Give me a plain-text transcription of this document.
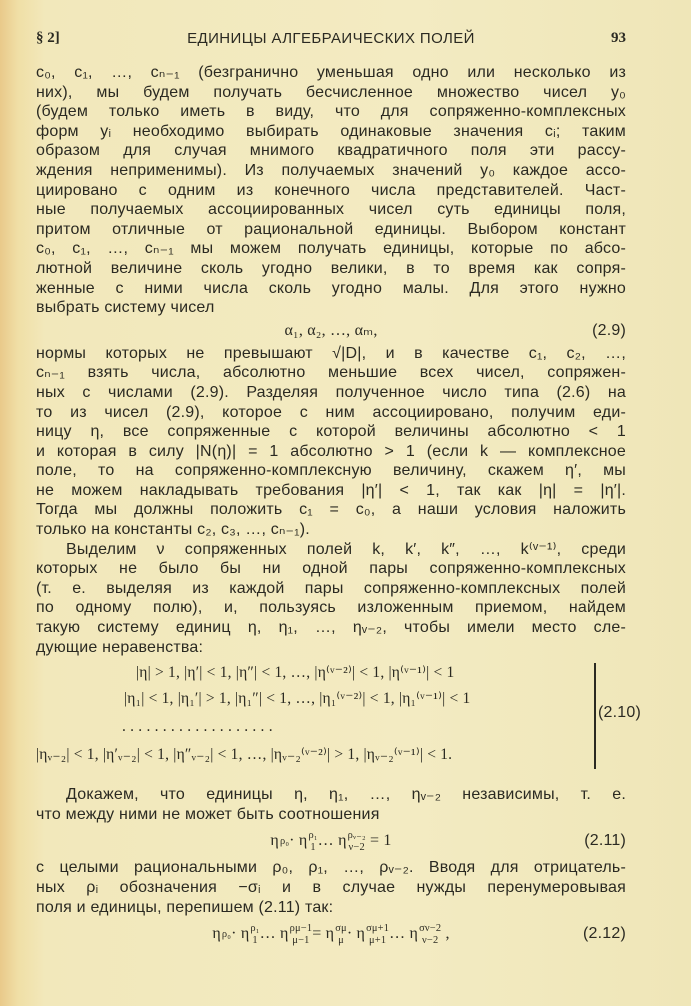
§ 2]	ЕДИНИЦЫ АЛГЕБРАИЧЕСКИХ ПОЛЕЙ	93
c₀, c₁, …, cₙ₋₁ (безгранично уменьшая одно или несколько из
них), мы будем получать бесчисленное множество чисел y₀
(будем только иметь в виду, что для сопряженно-комплексных
форм yᵢ необходимо выбирать одинаковые значения cᵢ; таким
образом для случая мнимого квадратичного поля эти рассу-
ждения неприменимы). Из получаемых значений y₀ каждое ассо-
циировано с одним из конечного числа представителей. Част-
ные получаемых ассоциированных чисел суть единицы поля,
притом отличные от рациональной единицы. Выбором констант
c₀, c₁, …, cₙ₋₁ мы можем получать единицы, которые по абсо-
лютной величине сколь угодно велики, в то время как сопря-
женные с ними числа сколь угодно малы. Для этого нужно
выбрать систему чисел
α₁, α₂, …, αₘ,	(2.9)
нормы которых не превышают √|D|, и в качестве c₁, c₂, …,
cₙ₋₁ взять числа, абсолютно меньшие всех чисел, сопряжен-
ных с числами (2.9). Разделяя полученное число типа (2.6) на
то из чисел (2.9), которое с ним ассоциировано, получим еди-
ницу η, все сопряженные с которой величины абсолютно < 1
и которая в силу |N(η)| = 1 абсолютно > 1 (если k — комплексное
поле, то на сопряженно-комплексную величину, скажем η′, мы
не можем накладывать требования |η′| < 1, так как |η| = |η′|.
Тогда мы должны положить c₁ = c₀, а наши условия наложить
только на константы c₂, c₃, …, cₙ₋₁).
Выделим ν сопряженных полей k, k′, k″, …, k⁽ᵛ⁻¹⁾, среди
которых не было бы ни одной пары сопряженно-комплексных
(т. е. выделяя из каждой пары сопряженно-комплексных полей
по одному полю), и, пользуясь изложенным приемом, найдем
такую систему единиц η, η₁, …, ηᵥ₋₂, чтобы имели место сле-
дующие неравенства:
|η| > 1, |η′| < 1, |η″| < 1, …, |η⁽ᵛ⁻²⁾| < 1, |η⁽ᵛ⁻¹⁾| < 1
|η₁| < 1, |η₁′| > 1, |η₁″| < 1, …, |η₁⁽ᵛ⁻²⁾| < 1, |η₁⁽ᵛ⁻¹⁾| < 1
. . . . . . . . . . . . . . . . . . .
|ηᵥ₋₂| < 1, |η′ᵥ₋₂| < 1, |η″ᵥ₋₂| < 1, …, |ηᵥ₋₂⁽ᵛ⁻²⁾| > 1, |ηᵥ₋₂⁽ᵛ⁻¹⁾| < 1.
(2.10)
Докажем, что единицы η, η₁, …, ηᵥ₋₂ независимы, т. е.
что между ними не может быть соотношения
η ρ₀ · η ρ₁
1 … η ρᵥ₋₂
ν−2 = 1	(2.11)
с целыми рациональными ρ₀, ρ₁, …, ρᵥ₋₂. Вводя для отрицатель-
ных ρᵢ обозначения −σᵢ и в случае нужды перенумеровывая
поля и единицы, перепишем (2.11) так:
η ρ₀ · η ρ₁
1 … η ρμ−1
μ−1 = η σμ
μ · η σμ+1
μ+1 … η σν−2
ν−2 ,	(2.12)
